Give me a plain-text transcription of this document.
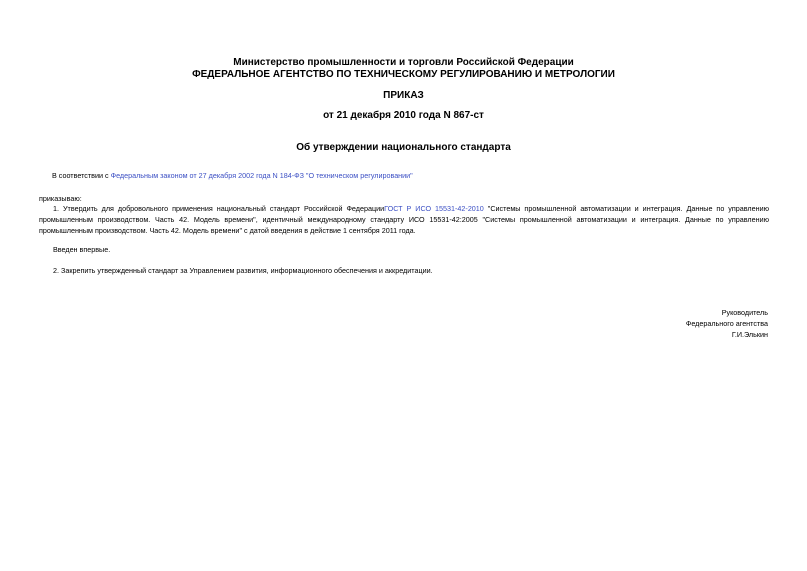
Министерство промышленности и торговли Российской Федерации
ФЕДЕРАЛЬНОЕ АГЕНТСТВО ПО ТЕХНИЧЕСКОМУ РЕГУЛИРОВАНИЮ И МЕТРОЛОГИИ
ПРИКАЗ
от 21 декабря 2010 года N 867-ст
Об утверждении национального стандарта
В соответствии с Федеральным законом от 27 декабря 2002 года N 184-ФЗ "О техническом регулировании"
приказываю:
1. Утвердить для добровольного применения национальный стандарт Российской ФедерацииГОСТ Р ИСО 15531-42-2010 "Системы промышленной автоматизации и интеграция. Данные по управлению промышленным производством. Часть 42. Модель времени", идентичный международному стандарту ИСО 15531-42:2005 "Системы промышленной автоматизации и интеграция. Данные по управлению промышленным производством. Часть 42. Модель времени" с датой введения в действие 1 сентября 2011 года.
Введен впервые.
2. Закрепить утвержденный стандарт за Управлением развития, информационного обеспечения и аккредитации.
Руководитель
Федерального агентства
Г.И.Элькин
